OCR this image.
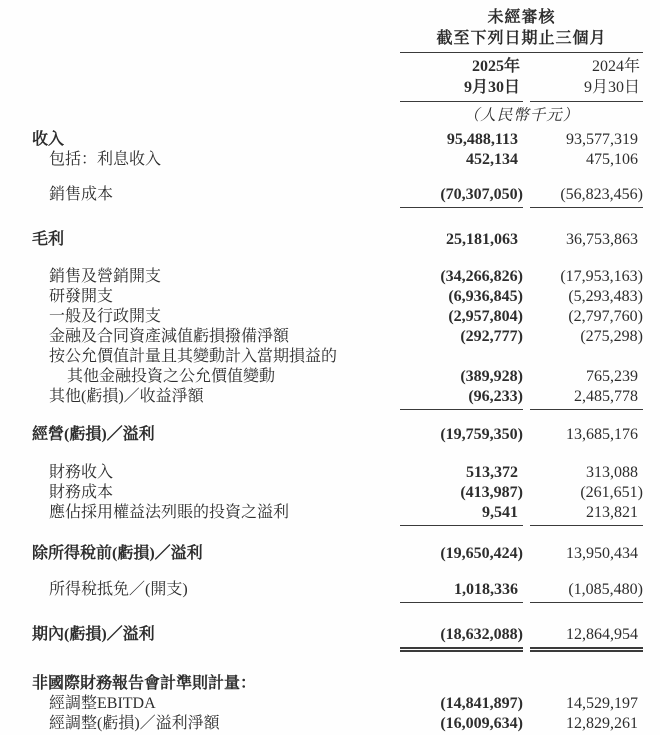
未經審核
截至下列日期止三個月
2025年
9月30日
2024年
9月30日
（人民幣千元）
收入	95,488,113	93,577,319
包括：利息收入	452,134	475,106
銷售成本	(70,307,050)	(56,823,456)
毛利	25,181,063	36,753,863
銷售及營銷開支	(34,266,826)	(17,953,163)
研發開支	(6,936,845)	(5,293,483)
一般及行政開支	(2,957,804)	(2,797,760)
金融及合同資產減值虧損撥備淨額	(292,777)	(275,298)
按公允價值計量且其變動計入當期損益的
其他金融投資之公允價值變動	(389,928)	765,239
其他(虧損)／收益淨額	(96,233)	2,485,778
經營(虧損)／溢利	(19,759,350)	13,685,176
財務收入	513,372	313,088
財務成本	(413,987)	(261,651)
應佔採用權益法列賬的投資之溢利	9,541	213,821
除所得稅前(虧損)／溢利	(19,650,424)	13,950,434
所得稅抵免／(開支)	1,018,336	(1,085,480)
期內(虧損)／溢利	(18,632,088)	12,864,954
非國際財務報告會計準則計量：
經調整EBITDA	(14,841,897)	14,529,197
經調整(虧損)／溢利淨額	(16,009,634)	12,829,261
